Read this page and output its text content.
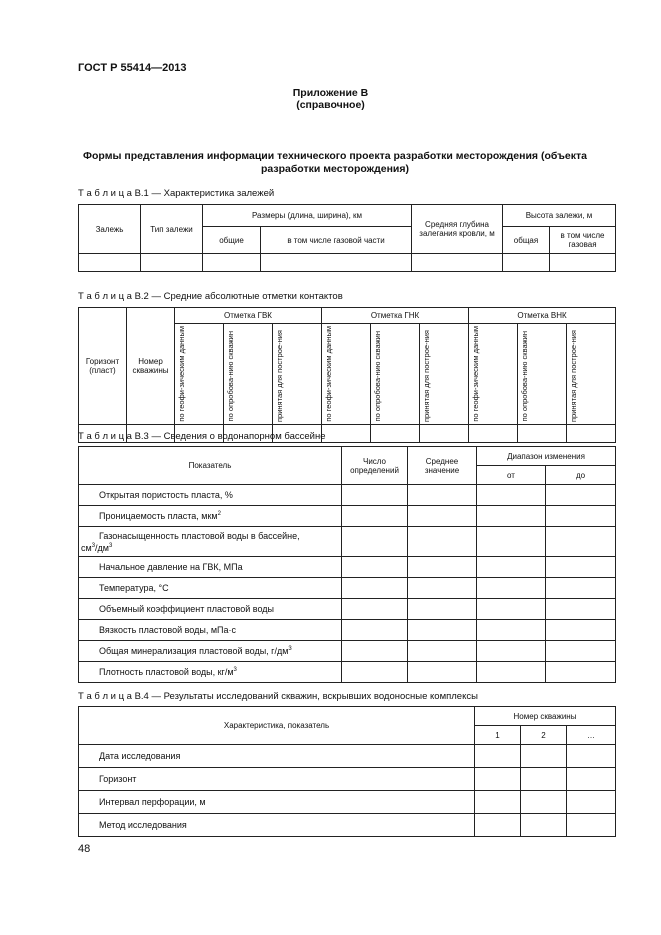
ГОСТ Р 55414—2013
Приложение В
(справочное)
Формы представления информации технического проекта разработки месторождения (объекта разработки месторождения)
Т а б л и ц а В.1 — Характеристика залежей
Залежь	Тип залежи	Размеры (длина, ширина), км		Средняя глубина залегания кровли, м	Высота залежи, м	
		общие	в том числе газовой части		общая	в том числе газовая

Т а б л и ц а В.2 — Средние абсолютные отметки контактов
Горизонт (пласт)	Номер скважины	Отметка ГВК			Отметка ГНК			Отметка ВНК		

		по геофи-зическим данным	по опробова-нию скважин	принятая для построе-ния	по геофи-зическим данным	по опробова-нию скважин	принятая для построе-ния	по геофи-зическим данным	по опробова-нию скважин	принятая для построе-ния

Т а б л и ц а В.3 — Сведения о водонапорном бассейне
Показатель	Число определений	Среднее значение	Диапазон изменения	
			от	до
Открытая пористость пласта, %				
Проницаемость пласта, мкм$^2$				
Газонасыщенность пластовой воды в бассейне,
$см^3/дм^3$				
Начальное давление на ГВК, МПа				
Температура, °С				
Объемный коэффициент пластовой воды				
Вязкость пластовой воды, мПа·с				
Общая минерализация пластовой воды, $г/дм^3$				
Плотность пластовой воды, $кг/м^3$				
Т а б л и ц а В.4 — Результаты исследований скважин, вскрывших водоносные комплексы
Характеристика, показатель	Номер скважины		
	1	2	…
Дата исследования			
Горизонт			
Интервал перфорации, м			
Метод исследования			
48
